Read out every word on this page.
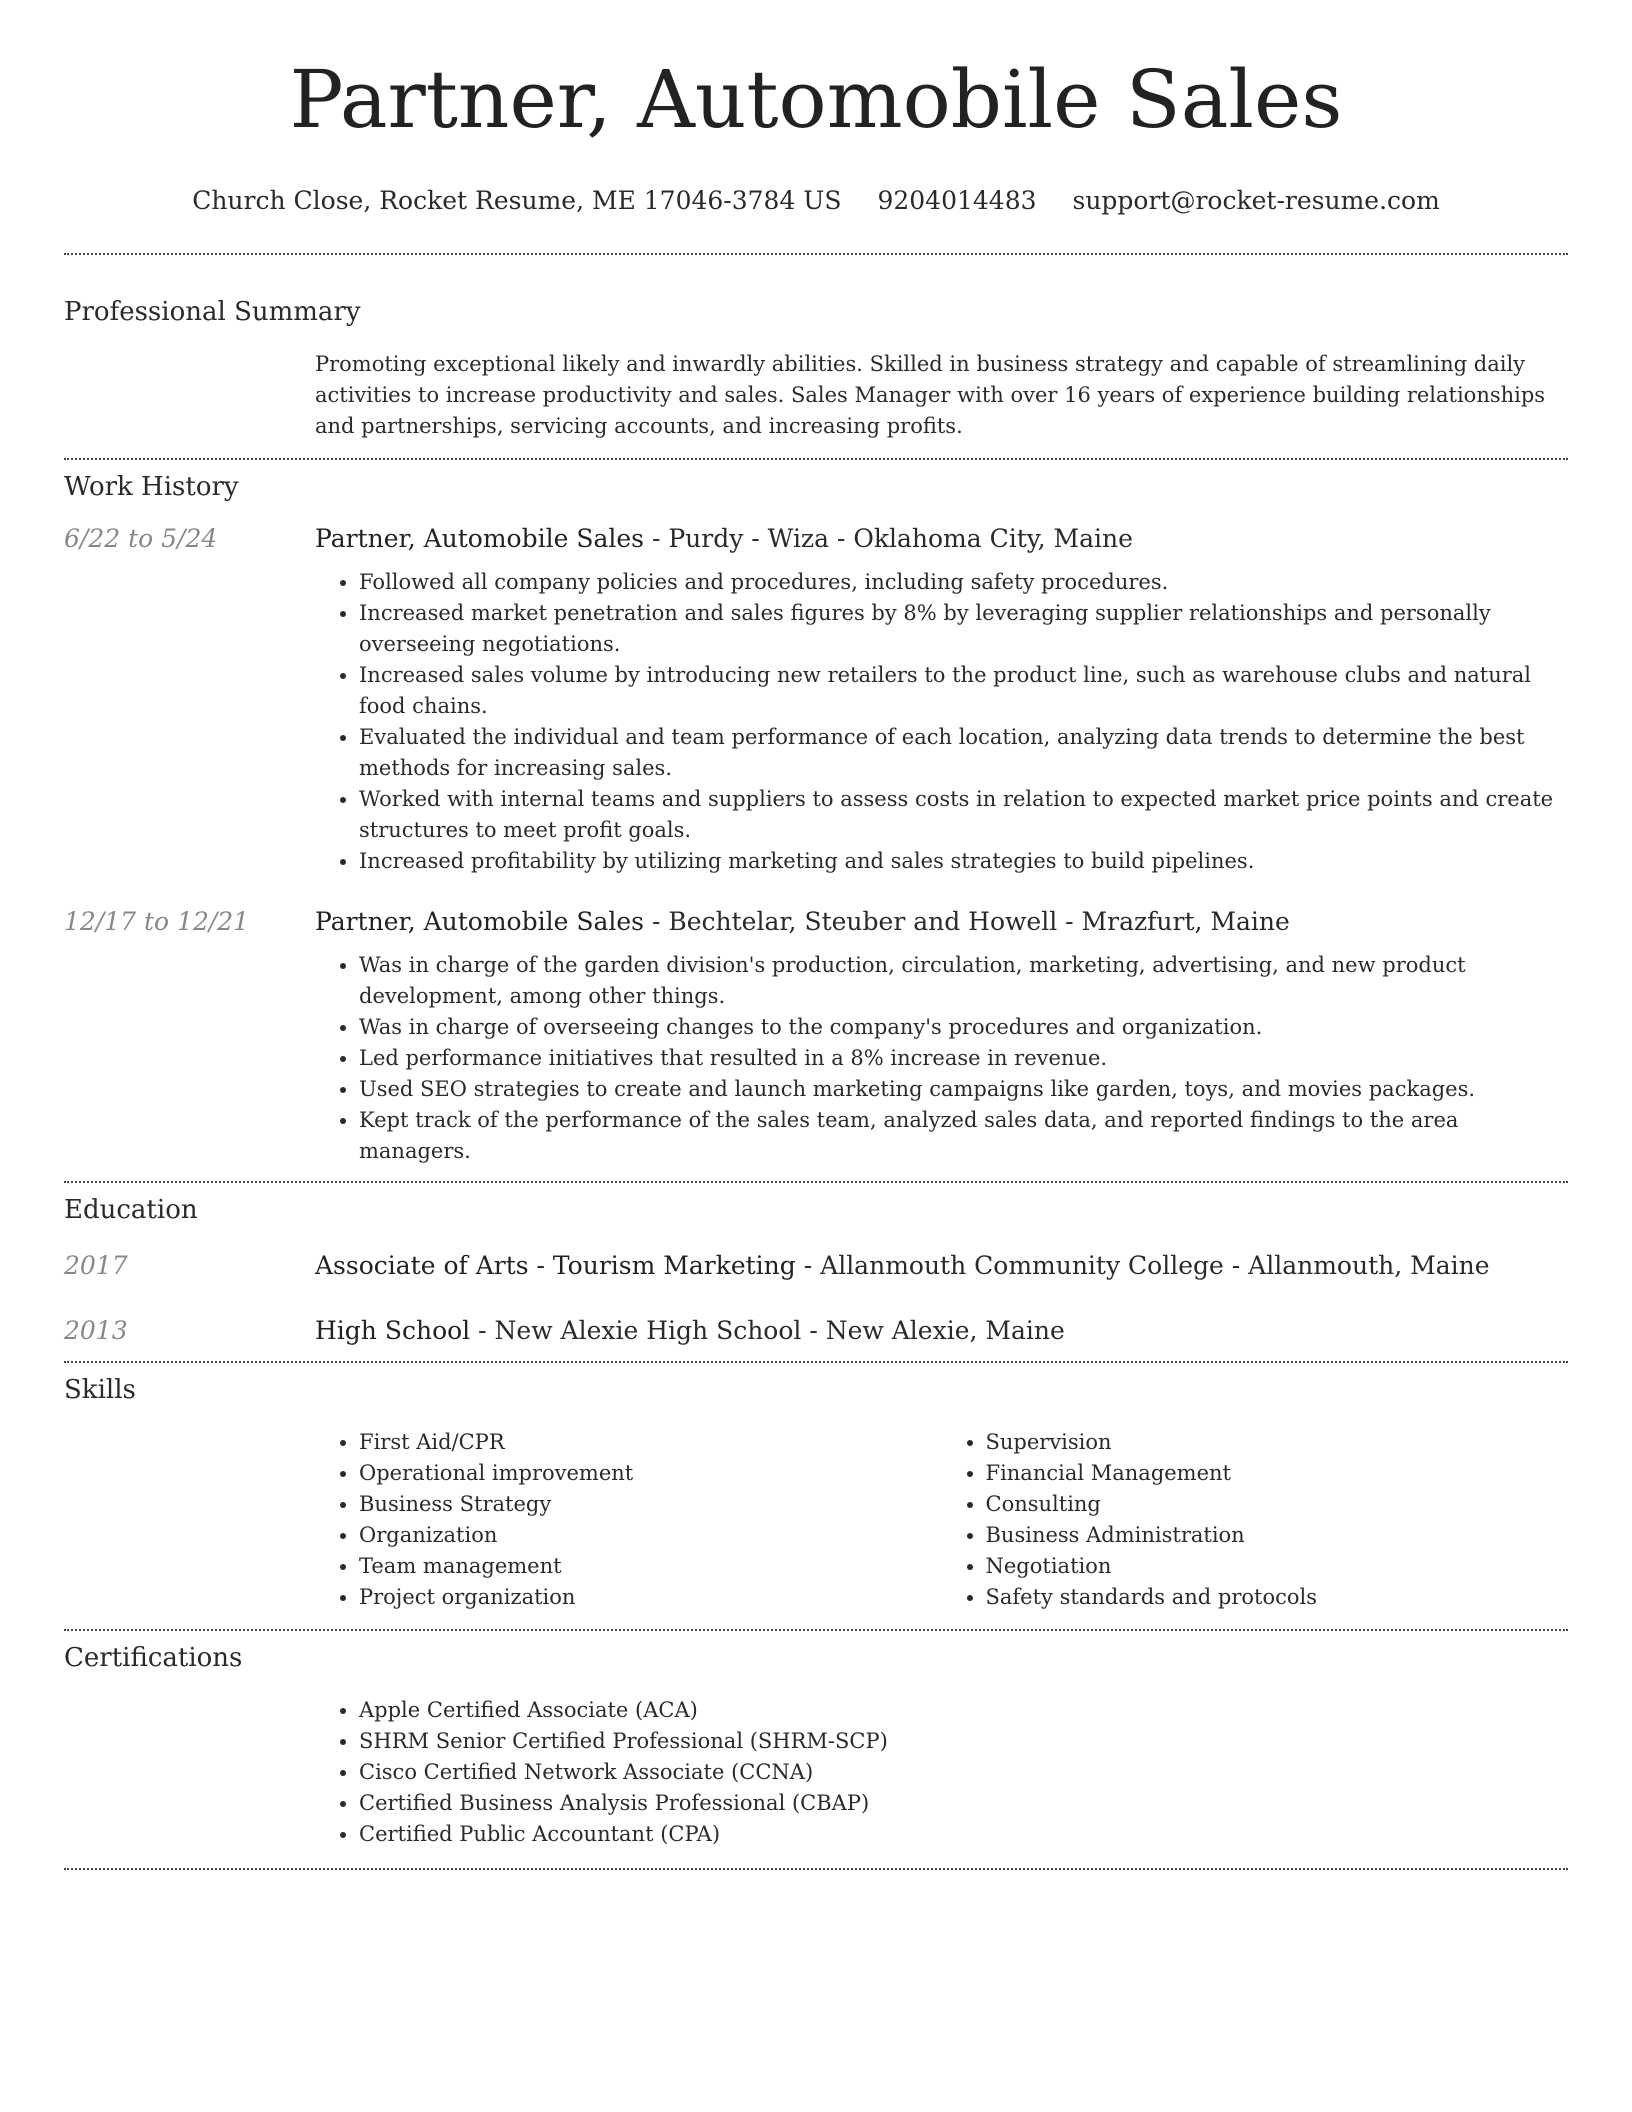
Partner, Automobile Sales
Church Close, Rocket Resume, ME 17046-3784 US 9204014483 support@rocket-resume.com
Professional Summary
Promoting exceptional likely and inwardly abilities. Skilled in business strategy and capable of streamlining daily activities to increase productivity and sales. Sales Manager with over 16 years of experience building relationships and partnerships, servicing accounts, and increasing profits.
Work History
6/22 to 5/24	Partner, Automobile Sales - Purdy - Wiza - Oklahoma City, Maine
• Followed all company policies and procedures, including safety procedures.
• Increased market penetration and sales figures by 8% by leveraging supplier relationships and personally overseeing negotiations.
• Increased sales volume by introducing new retailers to the product line, such as warehouse clubs and natural food chains.
• Evaluated the individual and team performance of each location, analyzing data trends to determine the best methods for increasing sales.
• Worked with internal teams and suppliers to assess costs in relation to expected market price points and create structures to meet profit goals.
• Increased profitability by utilizing marketing and sales strategies to build pipelines.
12/17 to 12/21	Partner, Automobile Sales - Bechtelar, Steuber and Howell - Mrazfurt, Maine
• Was in charge of the garden division's production, circulation, marketing, advertising, and new product development, among other things.
• Was in charge of overseeing changes to the company's procedures and organization.
• Led performance initiatives that resulted in a 8% increase in revenue.
• Used SEO strategies to create and launch marketing campaigns like garden, toys, and movies packages.
• Kept track of the performance of the sales team, analyzed sales data, and reported findings to the area managers.
Education
2017	Associate of Arts - Tourism Marketing - Allanmouth Community College - Allanmouth, Maine
2013	High School - New Alexie High School - New Alexie, Maine
Skills
• First Aid/CPR
• Operational improvement
• Business Strategy
• Organization
• Team management
• Project organization
• Supervision
• Financial Management
• Consulting
• Business Administration
• Negotiation
• Safety standards and protocols
Certifications
• Apple Certified Associate (ACA)
• SHRM Senior Certified Professional (SHRM-SCP)
• Cisco Certified Network Associate (CCNA)
• Certified Business Analysis Professional (CBAP)
• Certified Public Accountant (CPA)
